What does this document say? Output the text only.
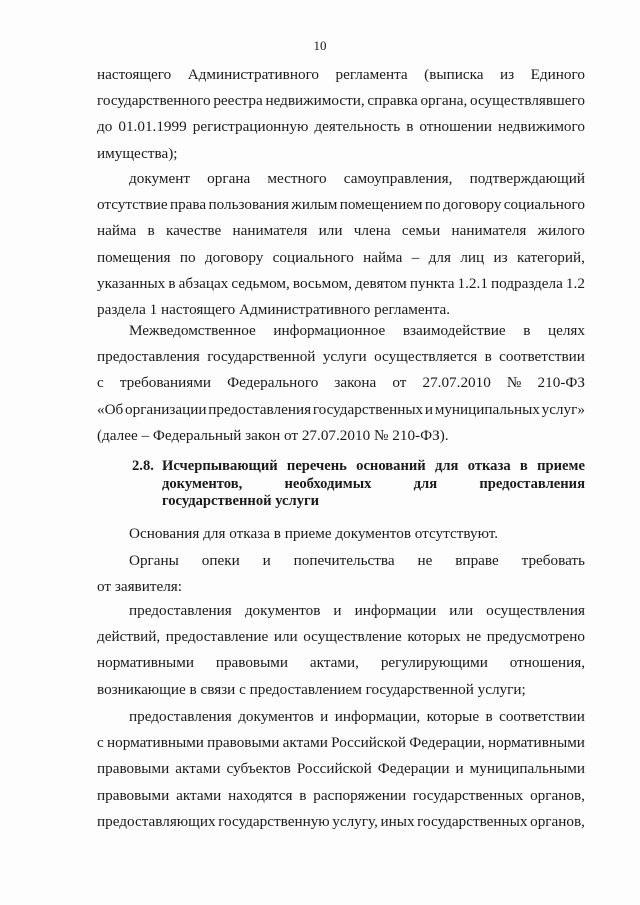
10
настоящего Административного регламента (выписка из Единого
государственного реестра недвижимости, справка органа, осуществлявшего
до 01.01.1999 регистрационную деятельность в отношении недвижимого
имущества);
документ органа местного самоуправления, подтверждающий
отсутствие права пользования жилым помещением по договору социального
найма в качестве нанимателя или члена семьи нанимателя жилого
помещения по договору социального найма – для лиц из категорий,
указанных в абзацах седьмом, восьмом, девятом пункта 1.2.1 подраздела 1.2
раздела 1 настоящего Административного регламента.
Межведомственное информационное взаимодействие в целях
предоставления государственной услуги осуществляется в соответствии
с требованиями Федерального закона от 27.07.2010 № 210-ФЗ
«Об организации предоставления государственных и муниципальных услуг»
(далее – Федеральный закон от 27.07.2010 № 210-ФЗ).
2.8. Исчерпывающий перечень оснований для отказа в приеме
документов,	необходимых	для	предоставления
государственной услуги
Основания для отказа в приеме документов отсутствуют.
Органы опеки и попечительства не вправе требовать
от заявителя:
предоставления документов и информации или осуществления
действий, предоставление или осуществление которых не предусмотрено
нормативными правовыми актами, регулирующими отношения,
возникающие в связи с предоставлением государственной услуги;
предоставления документов и информации, которые в соответствии
с нормативными правовыми актами Российской Федерации, нормативными
правовыми актами субъектов Российской Федерации и муниципальными
правовыми актами находятся в распоряжении государственных органов,
предоставляющих государственную услугу, иных государственных органов,
